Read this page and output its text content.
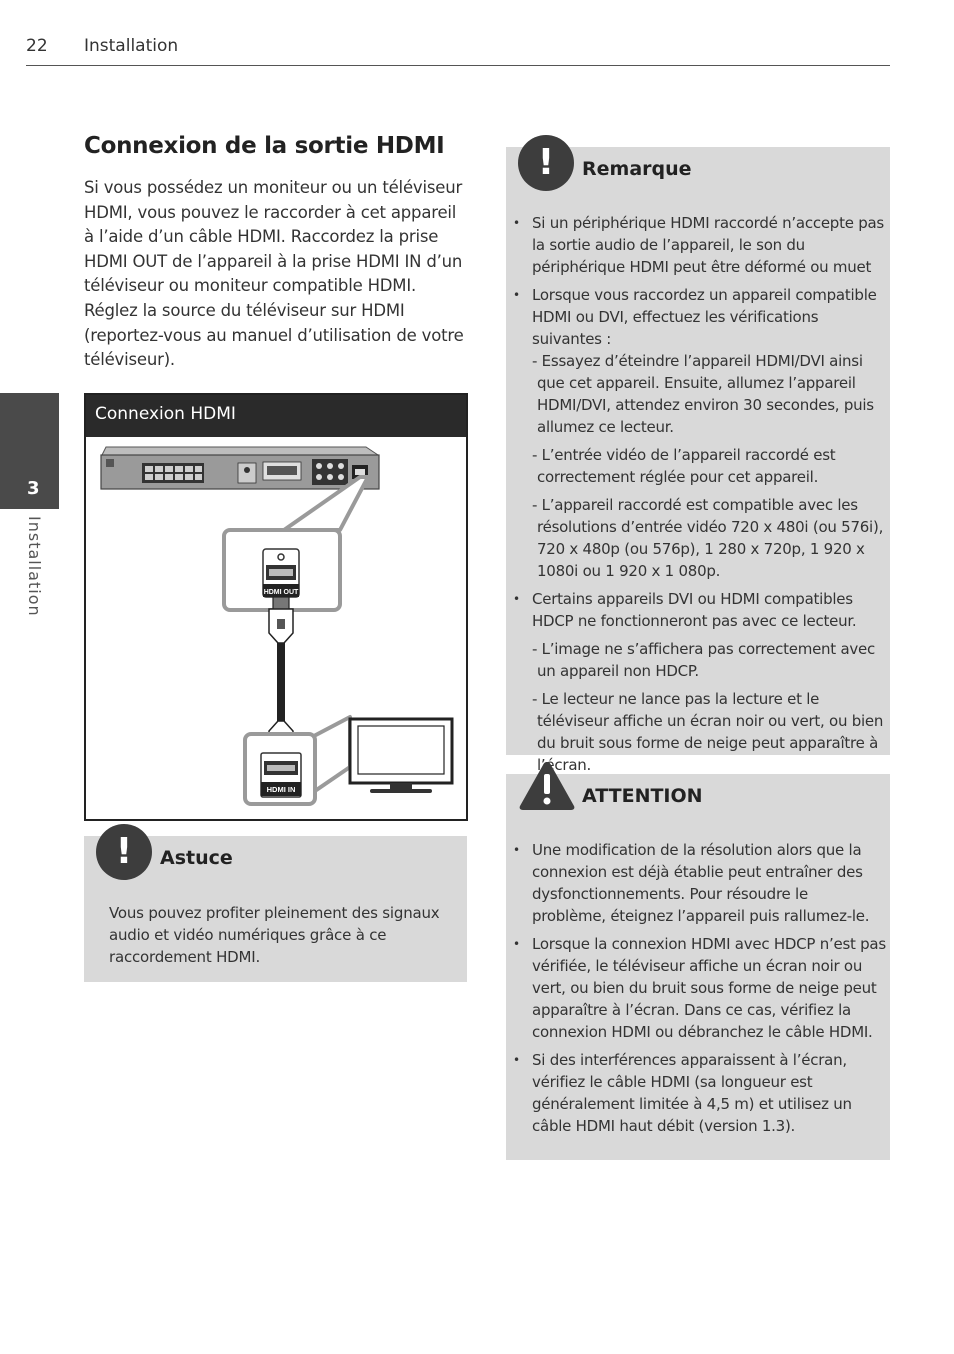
22 Installation
3
Installation
Connexion de la sortie HDMI

Si vous possédez un moniteur ou un téléviseur HDMI, vous pouvez le raccorder à cet appareil à l’aide d’un câble HDMI. Raccordez la prise HDMI OUT de l’appareil à la prise HDMI IN d’un téléviseur ou moniteur compatible HDMI. Réglez la source du téléviseur sur HDMI (reportez-vous au manuel d’utilisation de votre téléviseur).

Connexion HDMI
HDMI OUT
HDMI IN
!	Astuce

Vous pouvez profiter pleinement des signaux audio et vidéo numériques grâce à ce raccordement HDMI.

!	Remarque
• Si un périphérique HDMI raccordé n’accepte pas la sortie audio de l’appareil, le son du périphérique HDMI peut être déformé ou muet
• Lorsque vous raccordez un appareil compatible HDMI ou DVI, effectuez les vérifications suivantes :
- Essayez d’éteindre l’appareil HDMI/DVI ainsi que cet appareil. Ensuite, allumez l’appareil HDMI/DVI, attendez environ 30 secondes, puis allumez ce lecteur.
- L’entrée vidéo de l’appareil raccordé est correctement réglée pour cet appareil.
- L’appareil raccordé est compatible avec les résolutions d’entrée vidéo 720 x 480i (ou 576i), 720 x 480p (ou 576p), 1 280 x 720p, 1 920 x 1080i ou 1 920 x 1 080p.
• Certains appareils DVI ou HDMI compatibles HDCP ne fonctionneront pas avec ce lecteur.
- L’image ne s’affichera pas correctement avec un appareil non HDCP.
- Le lecteur ne lance pas la lecture et le téléviseur affiche un écran noir ou vert, ou bien du bruit sous forme de neige peut apparaître à l’écran.
ATTENTION
• Une modification de la résolution alors que la connexion est déjà établie peut entraîner des dysfonctionnements. Pour résoudre le problème, éteignez l’appareil puis rallumez-le.
• Lorsque la connexion HDMI avec HDCP n’est pas vérifiée, le téléviseur affiche un écran noir ou vert, ou bien du bruit sous forme de neige peut apparaître à l’écran. Dans ce cas, vérifiez la connexion HDMI ou débranchez le câble HDMI.
• Si des interférences apparaissent à l’écran, vérifiez le câble HDMI (sa longueur est généralement limitée à 4,5 m) et utilisez un câble HDMI haut débit (version 1.3).
